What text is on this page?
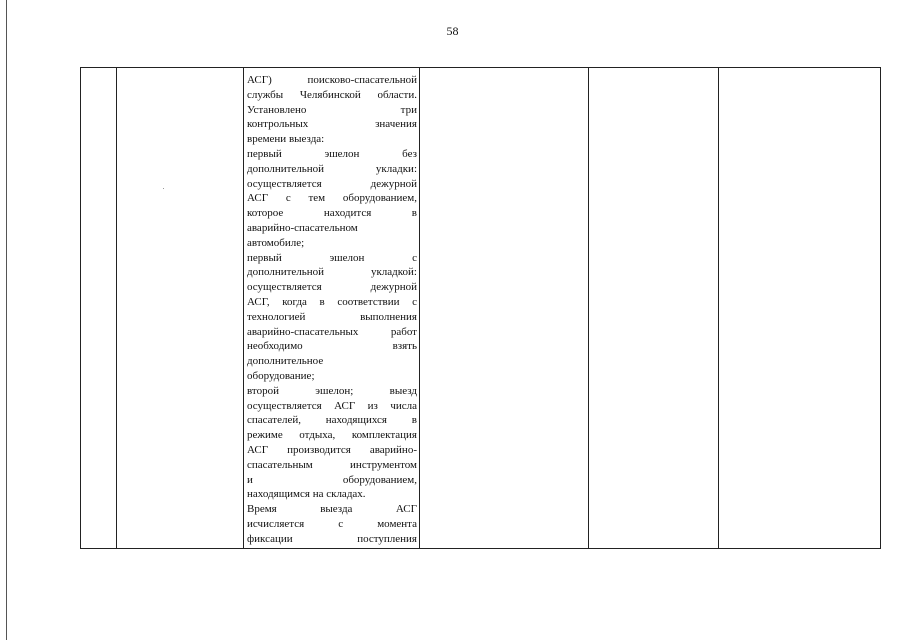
58

АСГ) поисково-спасательной
службы Челябинской области.
Установлено три
контрольных значения
времени выезда:
первый эшелон без
дополнительной укладки:
осуществляется дежурной
АСГ с тем оборудованием,
которое находится в
аварийно-спасательном
автомобиле;
первый эшелон с
дополнительной укладкой:
осуществляется дежурной
АСГ, когда в соответствии с
технологией выполнения
аварийно-спасательных работ
необходимо взять
дополнительное
оборудование;
второй эшелон; выезд
осуществляется АСГ из числа
спасателей, находящихся в
режиме отдыха, комплектация
АСГ производится аварийно-
спасательным инструментом
и оборудованием,
находящимся на складах.
Время выезда АСГ
исчисляется с момента
фиксации поступления
